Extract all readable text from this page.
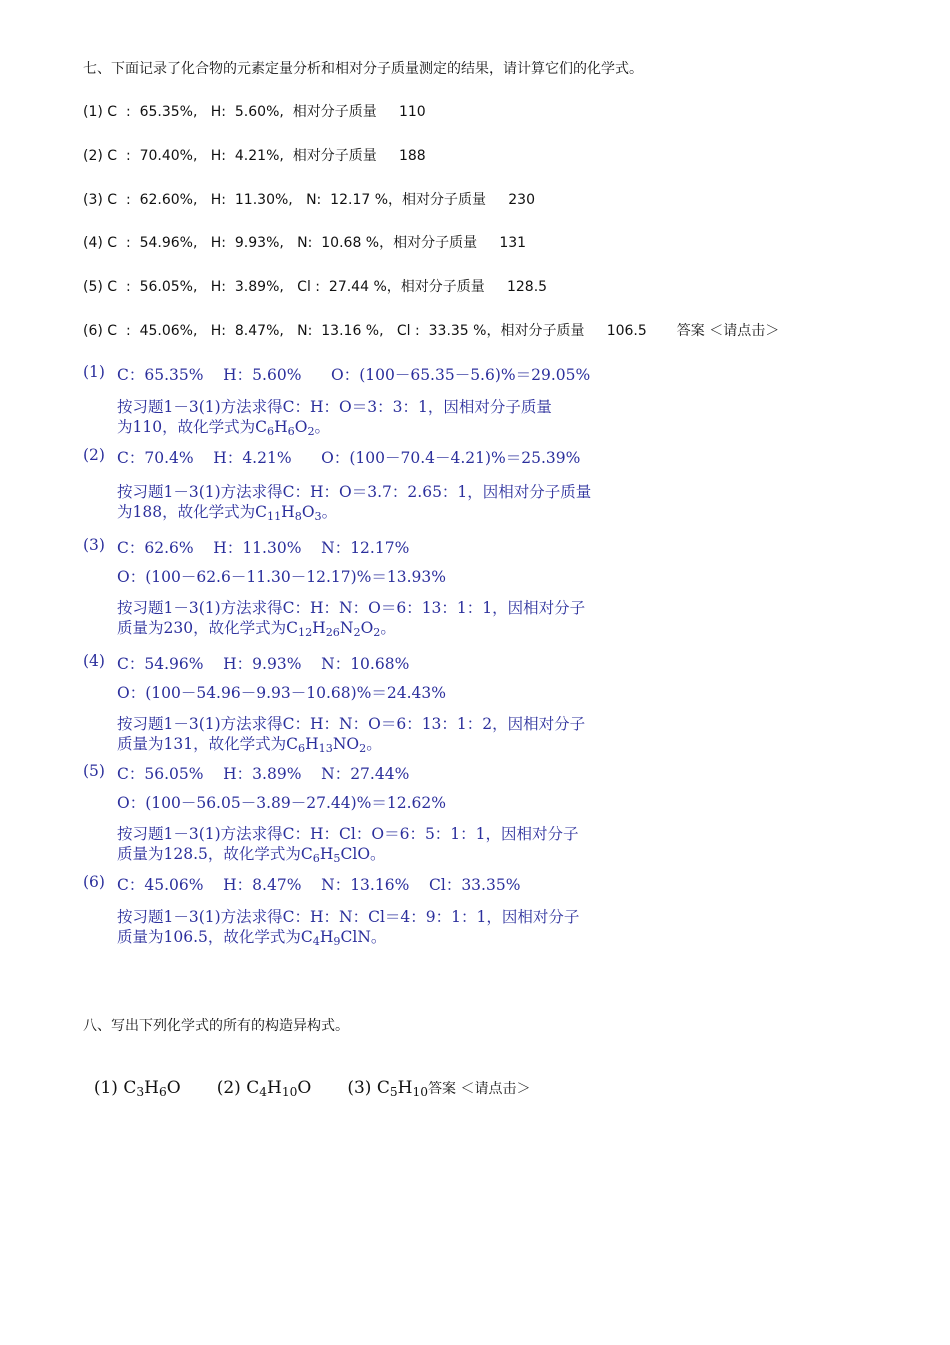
七、下面记录了化合物的元素定量分析和相对分子质量测定的结果，请计算它们的化学式。
(1) C  :  65.35%,   H:  5.60%,  相对分子质量     110
(2) C  :  70.40%,   H:  4.21%,  相对分子质量     188
(3) C  :  62.60%,   H:  11.30%,   N:  12.17 %，相对分子质量     230
(4) C  :  54.96%,   H:  9.93%,   N:  10.68 %，相对分子质量     131
(5) C  :  56.05%,   H:  3.89%,   Cl :  27.44 %，相对分子质量     128.5
(6) C  :  45.06%,   H:  8.47%,   N:  13.16 %,   Cl :  33.35 %，相对分子质量     106.5 答案 ＜请点击＞
(1) C：65.35%    H：5.60%      O：(100－65.35－5.6)%＝29.05%
按习题1－3(1)方法求得C：H：O＝3：3：1，因相对分子质量
为110，故化学式为$C_6H_6O_2$。
(2) C：70.4%    H：4.21%      O：(100－70.4－4.21)%＝25.39%
按习题1－3(1)方法求得C：H：O＝3.7：2.65：1，因相对分子质量
为188，故化学式为$C_{11}H_8O_3$。
(3) C：62.6%    H：11.30%    N：12.17%
O：(100－62.6－11.30－12.17)%＝13.93%
按习题1－3(1)方法求得C：H：N：O＝6：13：1：1，因相对分子
质量为230，故化学式为$C_{12}H_{26}N_2O_2$。
(4) C：54.96%    H：9.93%    N：10.68%
O：(100－54.96－9.93－10.68)%＝24.43%
按习题1－3(1)方法求得C：H：N：O＝6：13：1：2，因相对分子
质量为131，故化学式为$C_6H_{13}NO_2$。
(5) C：56.05%    H：3.89%    N：27.44%
O：(100－56.05－3.89－27.44)%＝12.62%
按习题1－3(1)方法求得C：H：Cl：O＝6：5：1：1，因相对分子
质量为128.5，故化学式为$C_6H_5ClO$。
(6) C：45.06%    H：8.47%    N：13.16%    Cl：33.35%
按习题1－3(1)方法求得C：H：N：Cl＝4：9：1：1，因相对分子
质量为106.5，故化学式为$C_4H_9ClN$。
八、写出下列化学式的所有的构造异构式。

(1) $C_3H_6O$ (2) $C_4H_{10}O$ (3) $C_5H_{10}$答案 ＜请点击＞
